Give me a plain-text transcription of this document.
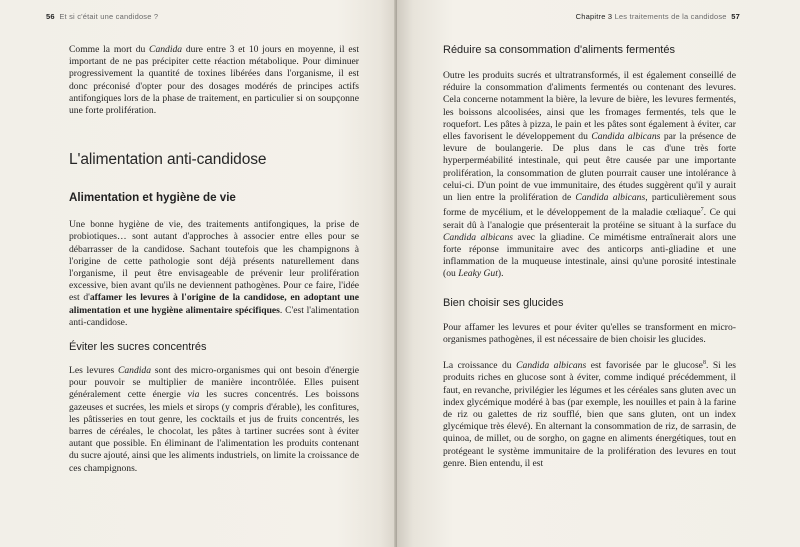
56 Et si c'était une candidose ?

Comme la mort du Candida dure entre 3 et 10 jours en moyenne, il est important de ne pas précipiter cette réaction métabolique. Pour diminuer progressivement la quantité de toxines libérées dans l'organisme, il est donc préconisé d'opter pour des dosages modérés de principes actifs antifongiques lors de la phase de traitement, en particulier si on soupçonne une forte prolifération.

L'alimentation anti-candidose
Alimentation et hygiène de vie

Une bonne hygiène de vie, des traitements antifongiques, la prise de probiotiques… sont autant d'approches à associer entre elles pour se débarrasser de la candidose. Sachant toutefois que les champignons à l'origine de cette pathologie sont déjà présents naturellement dans l'organisme, il peut être envisageable de prévenir leur prolifération excessive, bien avant qu'ils ne deviennent pathogènes. Pour ce faire, l'idée est d'affamer les levures à l'origine de la candidose, en adoptant une alimentation et une hygiène alimentaire spécifiques. C'est l'alimentation anti-candidose.

Éviter les sucres concentrés

Les levures Candida sont des micro-organismes qui ont besoin d'énergie pour pouvoir se multiplier de manière incontrôlée. Elles puisent généralement cette énergie via les sucres concentrés. Les boissons gazeuses et sucrées, les miels et sirops (y compris d'érable), les confitures, les pâtisseries en tout genre, les cocktails et jus de fruits concentrés, les barres de céréales, le chocolat, les pâtes à tartiner sucrées sont à éviter autant que possible. En éliminant de l'alimentation les produits contenant du sucre ajouté, ainsi que les aliments industriels, on limite la croissance de ces champignons.

Chapitre 3 Les traitements de la candidose 57
Réduire sa consommation d'aliments fermentés

Outre les produits sucrés et ultratransformés, il est également conseillé de réduire la consommation d'aliments fermentés ou contenant des levures. Cela concerne notamment la bière, la levure de bière, les levures fermentés, les boissons alcoolisées, ainsi que les fromages fermentés, tels que le roquefort. Les pâtes à pizza, le pain et les pâtes sont également à éviter, car elles favorisent le développement du Candida albicans par la présence de levure de boulangerie. De plus dans le cas d'une très forte hyperperméabilité intestinale, qui peut être causée par une importante prolifération, la consommation de gluten pourrait causer une intolérance à celui-ci. D'un point de vue immunitaire, des études suggèrent qu'il y aurait un lien entre la prolifération de Candida albicans, particulièrement sous forme de mycélium, et le développement de la maladie cœliaque$^7$. Ce qui serait dû à l'analogie que présenterait la protéine se situant à la surface du Candida albicans avec la gliadine. Ce mimétisme entraînerait alors une forte réponse immunitaire avec des anticorps anti-gliadine et une inflammation de la muqueuse intestinale, ainsi qu'une porosité intestinale (ou Leaky Gut).

Bien choisir ses glucides

Pour affamer les levures et pour éviter qu'elles se transforment en micro-organismes pathogènes, il est nécessaire de bien choisir les glucides.

La croissance du Candida albicans est favorisée par le glucose$^8$. Si les produits riches en glucose sont à éviter, comme indiqué précédemment, il faut, en revanche, privilégier les légumes et les céréales sans gluten avec un index glycémique modéré à bas (par exemple, les nouilles et pain à la farine de riz ou galettes de riz soufflé, bien que sans gluten, ont un index glycémique très élevé). En alternant la consommation de riz, de sarrasin, de quinoa, de millet, ou de sorgho, on gagne en aliments énergétiques, tout en protégeant le système immunitaire de la prolifération des levures en tout genre. Bien entendu, il est
